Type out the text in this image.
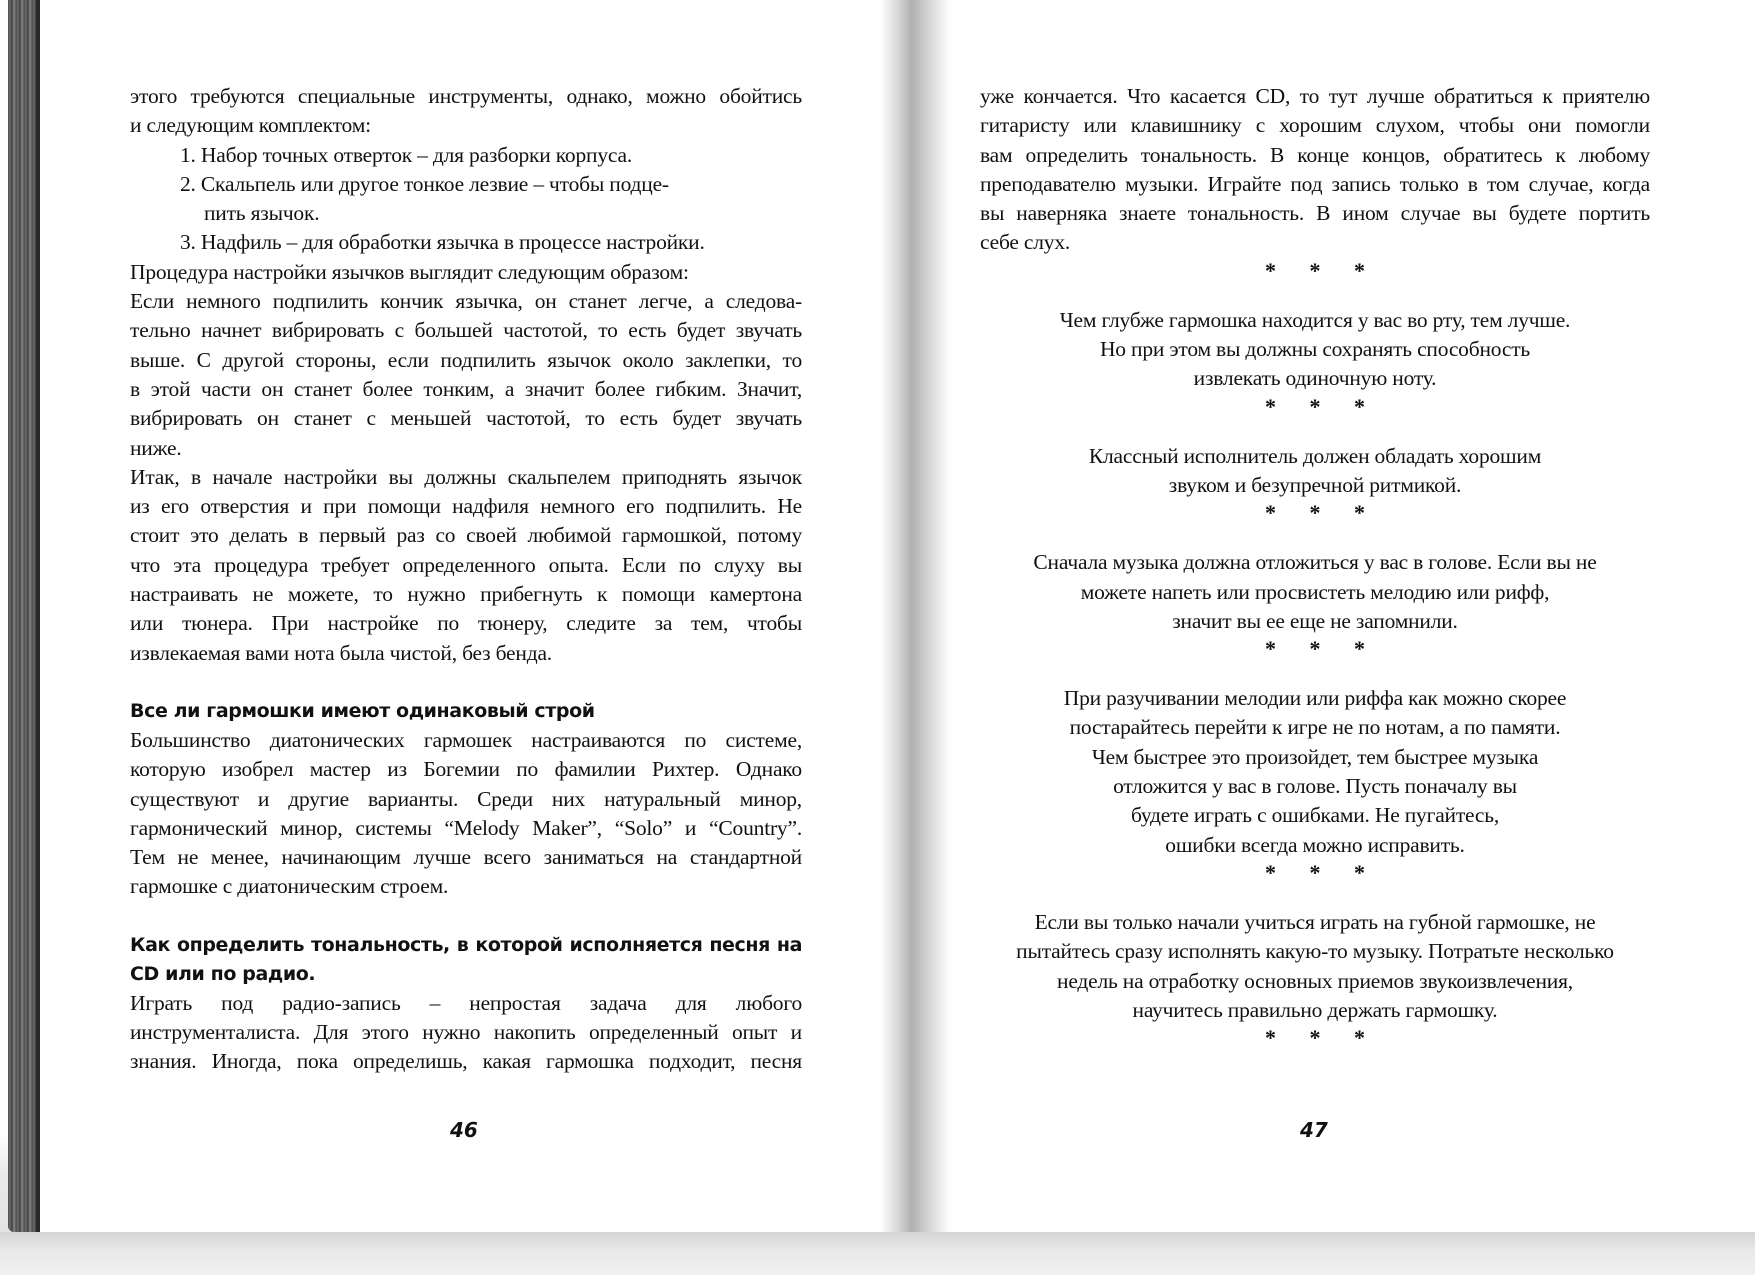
этого требуются специальные инструменты, однако, можно обойтись
и следующим комплектом:
1. Набор точных отверток – для разборки корпуса.
2. Скальпель или другое тонкое лезвие – чтобы подце-
пить язычок.
3. Надфиль – для обработки язычка в процессе настройки.
Процедура настройки язычков выглядит следующим образом:
Если немного подпилить кончик язычка, он станет легче, а следова-
тельно начнет вибрировать с большей частотой, то есть будет звучать
выше. С другой стороны, если подпилить язычок около заклепки, то
в этой части он станет более тонким, а значит более гибким. Значит,
вибрировать он станет с меньшей частотой, то есть будет звучать
ниже.
Итак, в начале настройки вы должны скальпелем приподнять язычок
из его отверстия и при помощи надфиля немного его подпилить. Не
стоит это делать в первый раз со своей любимой гармошкой, потому
что эта процедура требует определенного опыта. Если по слуху вы
настраивать не можете, то нужно прибегнуть к помощи камертона
или тюнера. При настройке по тюнеру, следите за тем, чтобы
извлекаемая вами нота была чистой, без бенда.
Все ли гармошки имеют одинаковый строй
Большинство диатонических гармошек настраиваются по системе,
которую изобрел мастер из Богемии по фамилии Рихтер. Однако
существуют и другие варианты. Среди них натуральный минор,
гармонический минор, системы “Melody Maker”, “Solo” и “Country”.
Тем не менее, начинающим лучше всего заниматься на стандартной
гармошке с диатоническим строем.
Как определить тональность, в которой исполняется песня на
CD или по радио.
Играть под радио-запись – непростая задача для любого
инструменталиста. Для этого нужно накопить определенный опыт и
знания. Иногда, пока определишь, какая гармошка подходит, песня
46
уже кончается. Что касается CD, то тут лучше обратиться к приятелю
гитаристу или клавишнику с хорошим слухом, чтобы они помогли
вам определить тональность. В конце концов, обратитесь к любому
преподавателю музыки. Играйте под запись только в том случае, когда
вы наверняка знаете тональность. В ином случае вы будете портить
себе слух.
* * *
Чем глубже гармошка находится у вас во рту, тем лучше.
Но при этом вы должны сохранять способность
извлекать одиночную ноту.
* * *
Классный исполнитель должен обладать хорошим
звуком и безупречной ритмикой.
* * *
Сначала музыка должна отложиться у вас в голове. Если вы не
можете напеть или просвистеть мелодию или рифф,
значит вы ее еще не запомнили.
* * *
При разучивании мелодии или риффа как можно скорее
постарайтесь перейти к игре не по нотам, а по памяти.
Чем быстрее это произойдет, тем быстрее музыка
отложится у вас в голове. Пусть поначалу вы
будете играть с ошибками. Не пугайтесь,
ошибки всегда можно исправить.
* * *
Если вы только начали учиться играть на губной гармошке, не
пытайтесь сразу исполнять какую-то музыку. Потратьте несколько
недель на отработку основных приемов звукоизвлечения,
научитесь правильно держать гармошку.
* * *
47
